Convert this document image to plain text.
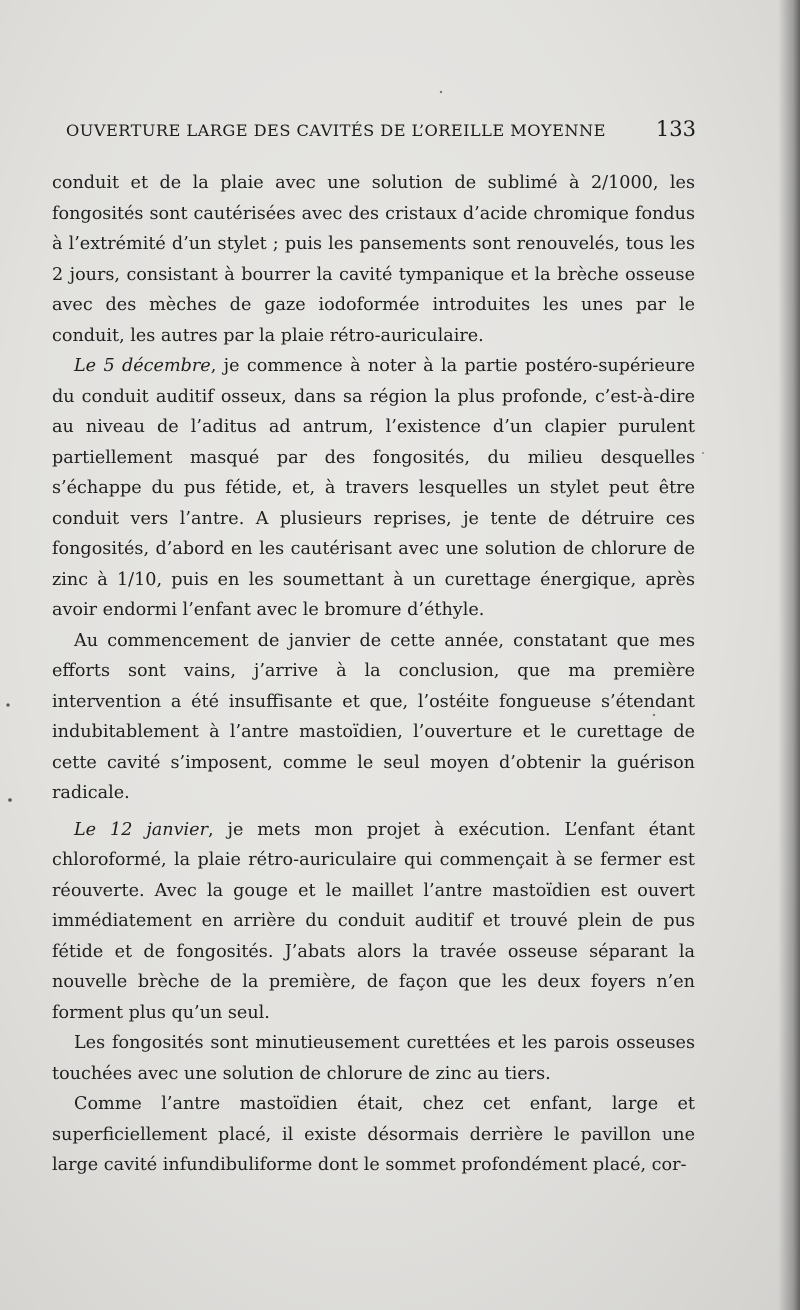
OUVERTURE LARGE DES CAVITÉS DE L’OREILLE MOYENNE 133

conduit et de la plaie avec une solution de sublimé à 2/1000, les fongosités sont cautérisées avec des cristaux d’acide chromique fondus à l’extrémité d’un stylet ; puis les pansements sont renouvelés, tous les 2 jours, consistant à bourrer la cavité tympanique et la brèche osseuse avec des mèches de gaze iodoformée introduites les unes par le conduit, les autres par la plaie rétro-auriculaire.

Le 5 décembre, je commence à noter à la partie postéro-supérieure du conduit auditif osseux, dans sa région la plus profonde, c’est-à-dire au niveau de l’aditus ad antrum, l’existence d’un clapier purulent partiellement masqué par des fongosités, du milieu desquelles s’échappe du pus fétide, et, à travers lesquelles un stylet peut être conduit vers l’antre. A plusieurs reprises, je tente de détruire ces fongosités, d’abord en les cautérisant avec une solution de chlorure de zinc à 1/10, puis en les soumettant à un curettage énergique, après avoir endormi l’enfant avec le bromure d’éthyle.

Au commencement de janvier de cette année, constatant que mes efforts sont vains, j’arrive à la conclusion, que ma première intervention a été insuffisante et que, l’ostéite fongueuse s’étendant indubitablement à l’antre mastoïdien, l’ouverture et le curettage de cette cavité s’imposent, comme le seul moyen d’obtenir la guérison radicale.

Le 12 janvier, je mets mon projet à exécution. L’enfant étant chloroformé, la plaie rétro-auriculaire qui commençait à se fermer est réouverte. Avec la gouge et le maillet l’antre mastoïdien est ouvert immédiatement en arrière du conduit auditif et trouvé plein de pus fétide et de fongosités. J’abats alors la travée osseuse séparant la nouvelle brèche de la première, de façon que les deux foyers n’en forment plus qu’un seul.

Les fongosités sont minutieusement curettées et les parois osseuses touchées avec une solution de chlorure de zinc au tiers.

Comme l’antre mastoïdien était, chez cet enfant, large et superficiellement placé, il existe désormais derrière le pavillon une large cavité infundibuliforme dont le sommet profondément placé, cor-
